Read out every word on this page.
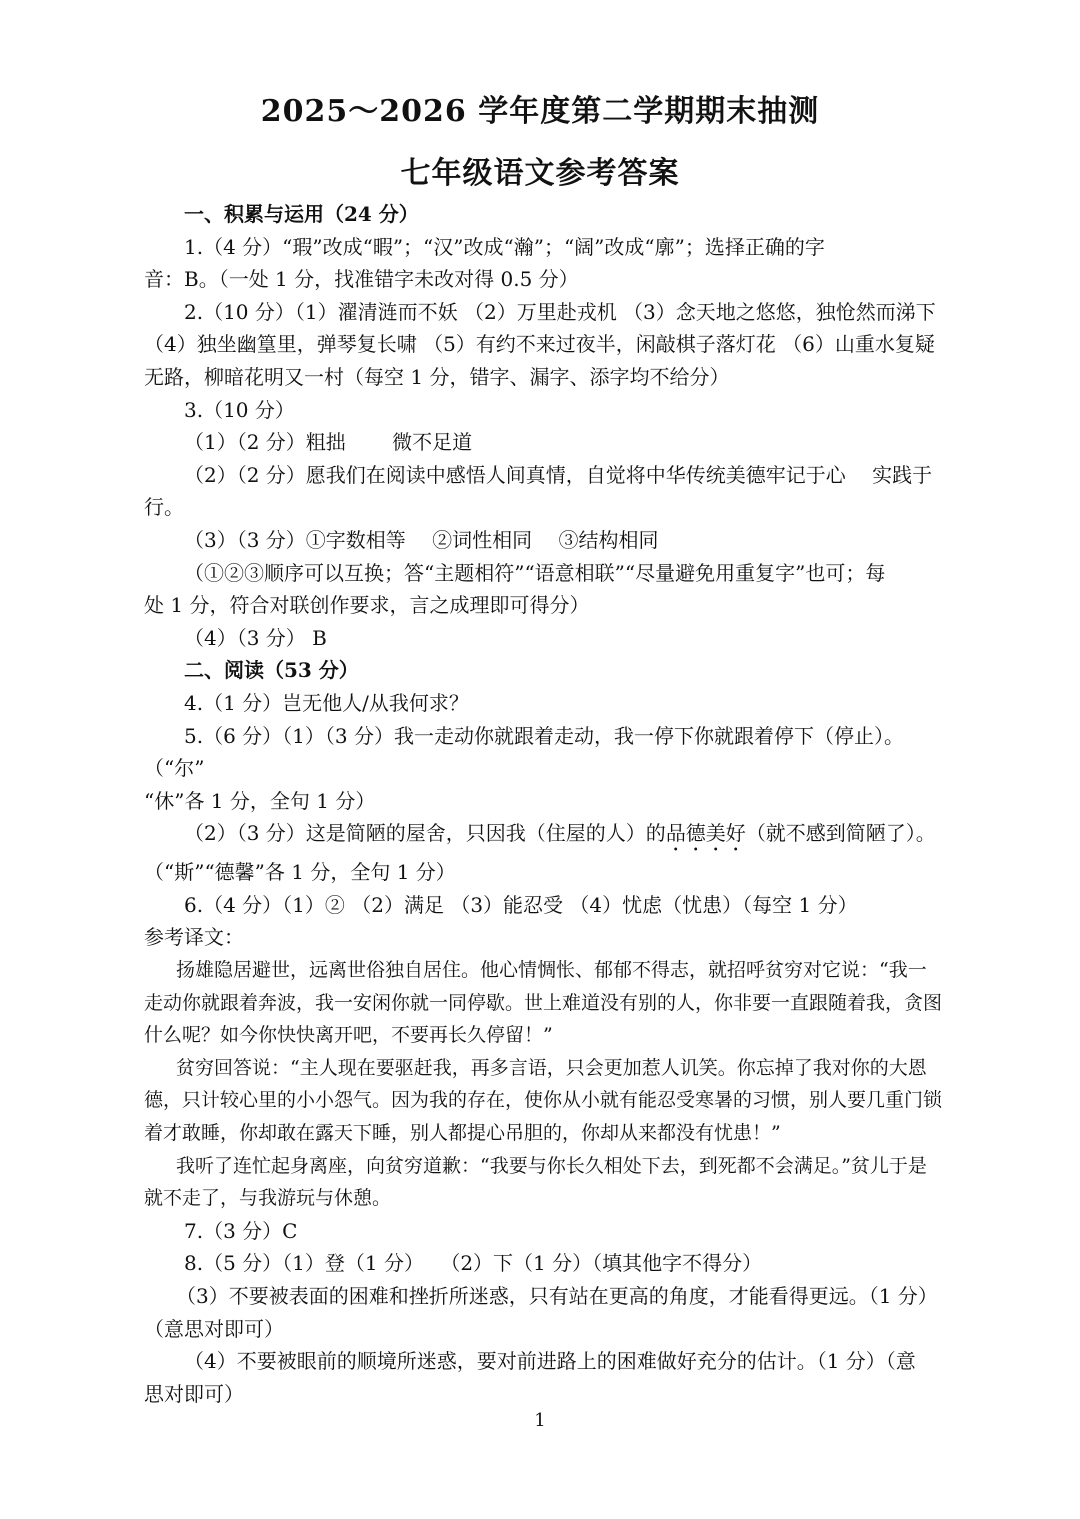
2025～2026 学年度第二学期期末抽测
七年级语文参考答案

一、积累与运用（24 分）

1.（4 分）“瑕”改成“暇”；“汉”改成“瀚”；“阔”改成“廓”；选择正确的字

音：B。（一处 1 分，找准错字未改对得 0.5 分）

2.（10 分）（1）濯清涟而不妖 （2）万里赴戎机 （3）念天地之悠悠，独怆然而涕下

（4）独坐幽篁里，弹琴复长啸 （5）有约不来过夜半，闲敲棋子落灯花 （6）山重水复疑

无路，柳暗花明又一村（每空 1 分，错字、漏字、添字均不给分）

3.（10 分）

（1）（2 分）粗拙 　　微不足道

（2）（2 分）愿我们在阅读中感悟人间真情，自觉将中华传统美德牢记于心 　实践于

行。

（3）（3 分）①字数相等 　②词性相同 　③结构相同

（①②③顺序可以互换；答“主题相符”“语意相联”“尽量避免用重复字”也可；每

处 1 分，符合对联创作要求，言之成理即可得分）

（4）（3 分） B

二、阅读（53 分）

4.（1 分）岂无他人/从我何求？

5.（6 分）（1）（3 分）我一走动你就跟着走动，我一停下你就跟着停下（停止）。（“尔”

“休”各 1 分，全句 1 分）

（2）（3 分）这是简陋的屋舍，只因我（住屋的人）的品德美好（就不感到简陋了）。

（“斯”“德馨”各 1 分，全句 1 分）

6.（4 分）（1）② （2）满足 （3）能忍受 （4）忧虑（忧患）（每空 1 分）

参考译文：

扬雄隐居避世，远离世俗独自居住。他心情惆怅、郁郁不得志，就招呼贫穷对它说：“我一走动你就跟着奔波，我一安闲你就一同停歇。世上难道没有别的人，你非要一直跟随着我，贪图什么呢？如今你快快离开吧，不要再长久停留！”

贫穷回答说：“主人现在要驱赶我，再多言语，只会更加惹人讥笑。你忘掉了我对你的大恩德，只计较心里的小小怨气。因为我的存在，使你从小就有能忍受寒暑的习惯，别人要几重门锁着才敢睡，你却敢在露天下睡，别人都提心吊胆的，你却从来都没有忧患！”

我听了连忙起身离座，向贫穷道歉：“我要与你长久相处下去，到死都不会满足。”贫儿于是就不走了，与我游玩与休憩。

7.（3 分）C

8.（5 分）（1）登（1 分） 　（2）下（1 分）（填其他字不得分）

（3）不要被表面的困难和挫折所迷惑，只有站在更高的角度，才能看得更远。（1 分）

（意思对即可）

（4）不要被眼前的顺境所迷惑，要对前进路上的困难做好充分的估计。（1 分）（意

思对即可）

1
